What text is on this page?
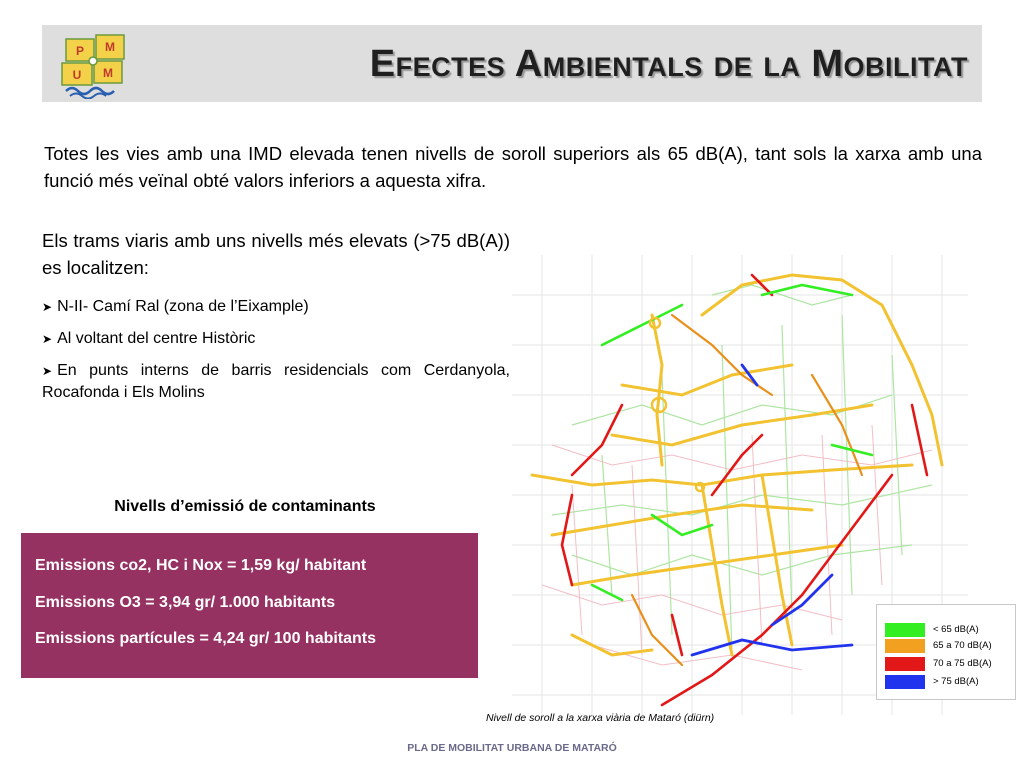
P M
U M	Efectes Ambientals de la Mobilitat
Totes les vies amb una IMD elevada tenen nivells de soroll superiors als 65 dB(A), tant sols la xarxa amb una funció més veïnal obté valors inferiors a aquesta xifra.
Els trams viaris amb uns nivells més elevats (>75 dB(A)) es localitzen:
➤ N-II- Camí Ral (zona de l’Eixample)
➤ Al voltant del centre Històric
➤ En punts interns de barris residencials com Cerdanyola, Rocafonda i Els Molins
Nivells d’emissió de contaminants
Emissions co2, HC i Nox = 1,59 kg/ habitant
Emissions O3 = 3,94 gr/ 1.000 habitants
Emissions partícules = 4,24 gr/ 100 habitants
< 65 dB(A)
65 a 70 dB(A)
70 a 75 dB(A)
> 75 dB(A)
Nivell de soroll a la xarxa viària de Mataró (diürn)
PLA DE MOBILITAT URBANA DE MATARÓ
